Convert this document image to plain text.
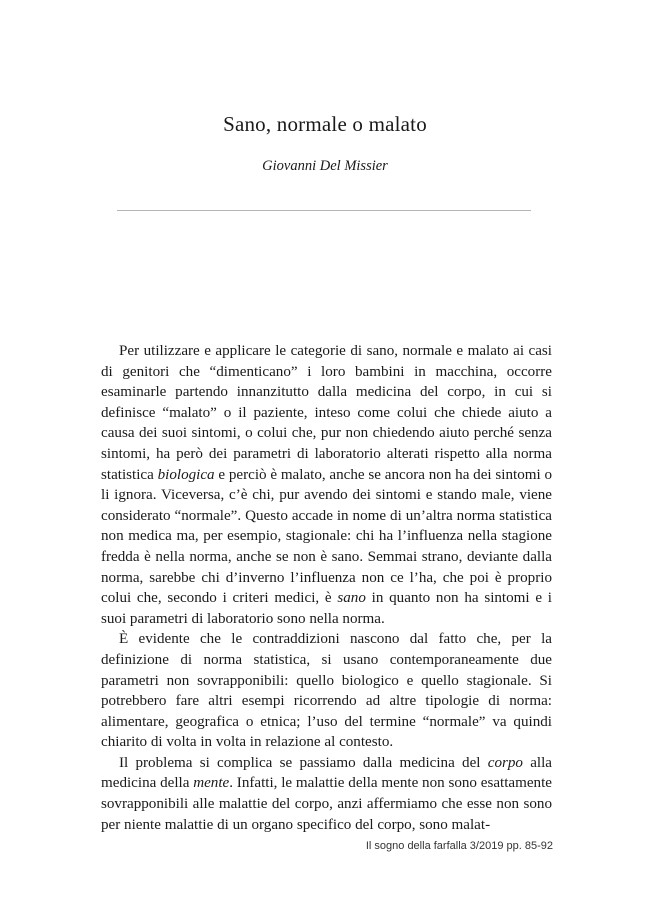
Sano, normale o malato
Giovanni Del Missier

Per utilizzare e applicare le categorie di sano, normale e malato ai casi di genitori che “dimenticano” i loro bambini in macchina, occorre esaminarle partendo innanzitutto dalla medicina del corpo, in cui si definisce “malato” o il paziente, inteso come colui che chiede aiuto a causa dei suoi sintomi, o colui che, pur non chiedendo aiuto perché senza sintomi, ha però dei parametri di laboratorio alterati rispetto alla norma statistica biologica e perciò è malato, anche se ancora non ha dei sintomi o li ignora. Viceversa, c’è chi, pur avendo dei sintomi e stando male, viene considerato “normale”. Questo accade in nome di un’altra norma statistica non medica ma, per esempio, stagionale: chi ha l’influenza nella stagione fredda è nella norma, anche se non è sano. Semmai strano, deviante dalla norma, sarebbe chi d’inverno l’influenza non ce l’ha, che poi è proprio colui che, secondo i criteri medici, è sano in quanto non ha sintomi e i suoi parametri di laboratorio sono nella norma.

È evidente che le contraddizioni nascono dal fatto che, per la definizione di norma statistica, si usano contemporaneamente due parametri non sovrapponibili: quello biologico e quello stagionale. Si potrebbero fare altri esempi ricorrendo ad altre tipologie di norma: alimentare, geografica o etnica; l’uso del termine “normale” va quindi chiarito di volta in volta in relazione al contesto.

Il problema si complica se passiamo dalla medicina del corpo alla medicina della mente. Infatti, le malattie della mente non sono esattamente sovrapponibili alle malattie del corpo, anzi affermiamo che esse non sono per niente malattie di un organo specifico del corpo, sono malat-

Il sogno della farfalla 3/2019 pp. 85-92
